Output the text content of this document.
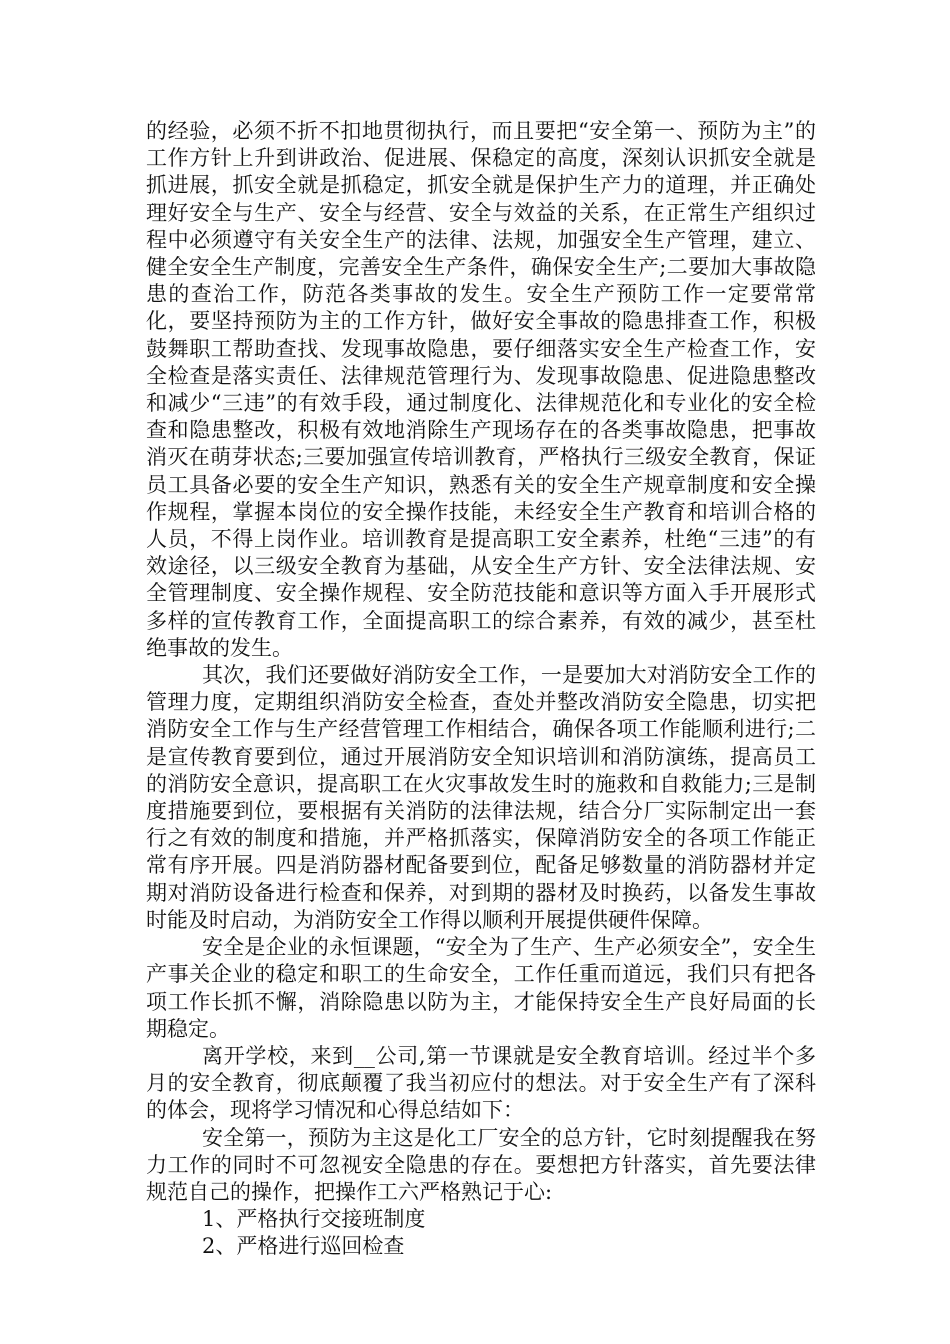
的经验，必须不折不扣地贯彻执行，而且要把“安全第一、预防为主”的工作方针上升到讲政治、促进展、保稳定的高度，深刻认识抓安全就是抓进展，抓安全就是抓稳定，抓安全就是保护生产力的道理，并正确处理好安全与生产、安全与经营、安全与效益的关系，在正常生产组织过程中必须遵守有关安全生产的法律、法规，加强安全生产管理，建立、健全安全生产制度，完善安全生产条件，确保安全生产;二要加大事故隐患的查治工作，防范各类事故的发生。安全生产预防工作一定要常常化，要坚持预防为主的工作方针，做好安全事故的隐患排查工作，积极鼓舞职工帮助查找、发现事故隐患，要仔细落实安全生产检查工作，安全检查是落实责任、法律规范管理行为、发现事故隐患、促进隐患整改和减少“三违”的有效手段，通过制度化、法律规范化和专业化的安全检查和隐患整改，积极有效地消除生产现场存在的各类事故隐患，把事故消灭在萌芽状态;三要加强宣传培训教育，严格执行三级安全教育，保证员工具备必要的安全生产知识，熟悉有关的安全生产规章制度和安全操作规程，掌握本岗位的安全操作技能，未经安全生产教育和培训合格的人员，不得上岗作业。培训教育是提高职工安全素养，杜绝“三违”的有效途径，以三级安全教育为基础，从安全生产方针、安全法律法规、安全管理制度、安全操作规程、安全防范技能和意识等方面入手开展形式多样的宣传教育工作，全面提高职工的综合素养，有效的减少，甚至杜绝事故的发生。

其次，我们还要做好消防安全工作，一是要加大对消防安全工作的管理力度，定期组织消防安全检查，查处并整改消防安全隐患，切实把消防安全工作与生产经营管理工作相结合，确保各项工作能顺利进行;二是宣传教育要到位，通过开展消防安全知识培训和消防演练，提高员工的消防安全意识，提高职工在火灾事故发生时的施救和自救能力;三是制度措施要到位，要根据有关消防的法律法规，结合分厂实际制定出一套行之有效的制度和措施，并严格抓落实，保障消防安全的各项工作能正常有序开展。四是消防器材配备要到位，配备足够数量的消防器材并定期对消防设备进行检查和保养，对到期的器材及时换药，以备发生事故时能及时启动，为消防安全工作得以顺利开展提供硬件保障。

安全是企业的永恒课题，“安全为了生产、生产必须安全”，安全生产事关企业的稳定和职工的生命安全，工作任重而道远，我们只有把各项工作长抓不懈，消除隐患以防为主，才能保持安全生产良好局面的长期稳定。

离开学校，来到__公司,第一节课就是安全教育培训。经过半个多月的安全教育，彻底颠覆了我当初应付的想法。对于安全生产有了深科的体会，现将学习情况和心得总结如下：

安全第一，预防为主这是化工厂安全的总方针，它时刻提醒我在努力工作的同时不可忽视安全隐患的存在。要想把方针落实，首先要法律规范自己的操作，把操作工六严格熟记于心:

1、严格执行交接班制度

2、严格进行巡回检查
